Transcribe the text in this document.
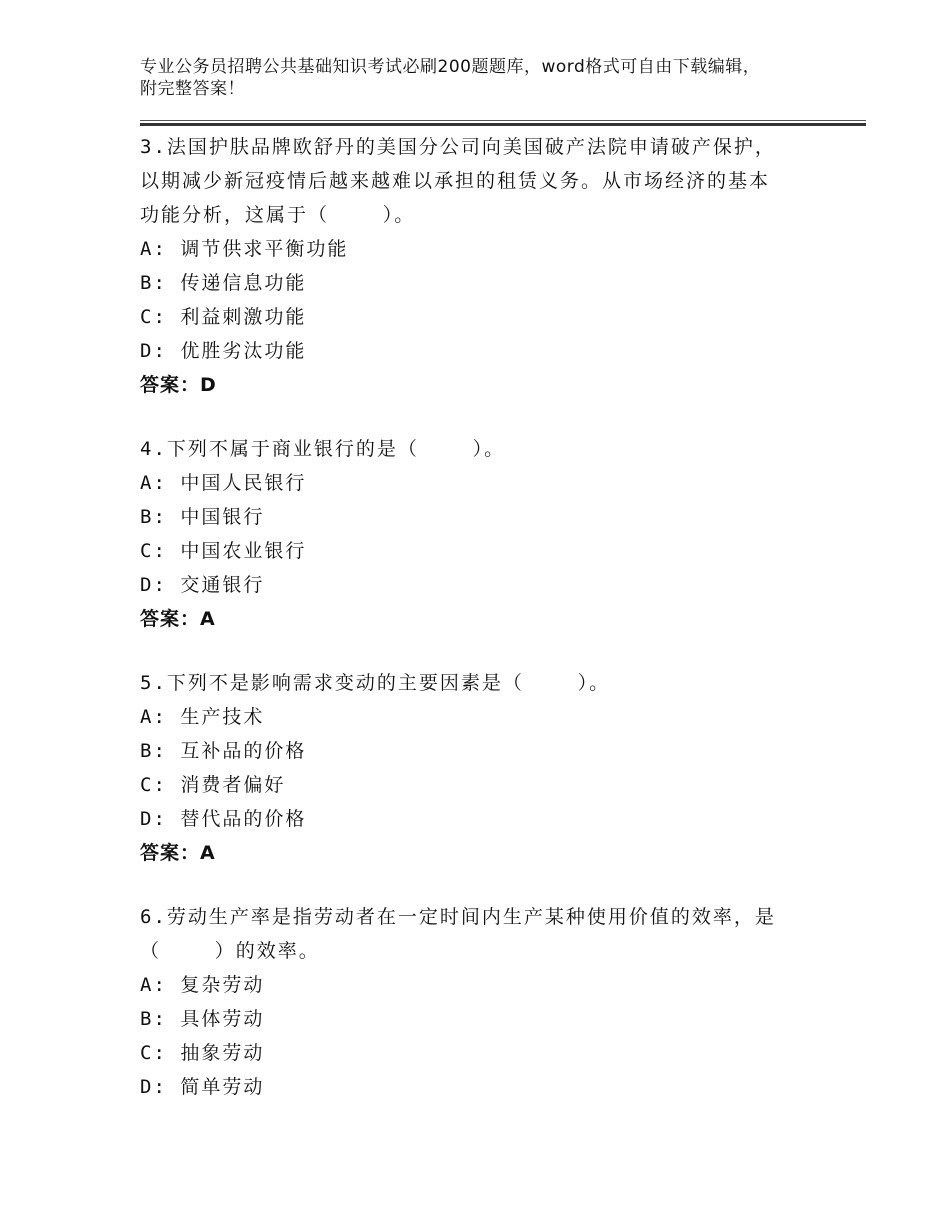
专业公务员招聘公共基础知识考试必刷200题题库，word格式可自由下载编辑，
附完整答案！
3.法国护肤品牌欧舒丹的美国分公司向美国破产法院申请破产保护，
以期减少新冠疫情后越来越难以承担的租赁义务。从市场经济的基本
功能分析，这属于（    ）。
A: 调节供求平衡功能
B: 传递信息功能
C: 利益刺激功能
D: 优胜劣汰功能
答案：D
4.下列不属于商业银行的是（    ）。
A: 中国人民银行
B: 中国银行
C: 中国农业银行
D: 交通银行
答案：A
5.下列不是影响需求变动的主要因素是（    ）。
A: 生产技术
B: 互补品的价格
C: 消费者偏好
D: 替代品的价格
答案：A
6.劳动生产率是指劳动者在一定时间内生产某种使用价值的效率，是
（    ）的效率。
A: 复杂劳动
B: 具体劳动
C: 抽象劳动
D: 简单劳动
